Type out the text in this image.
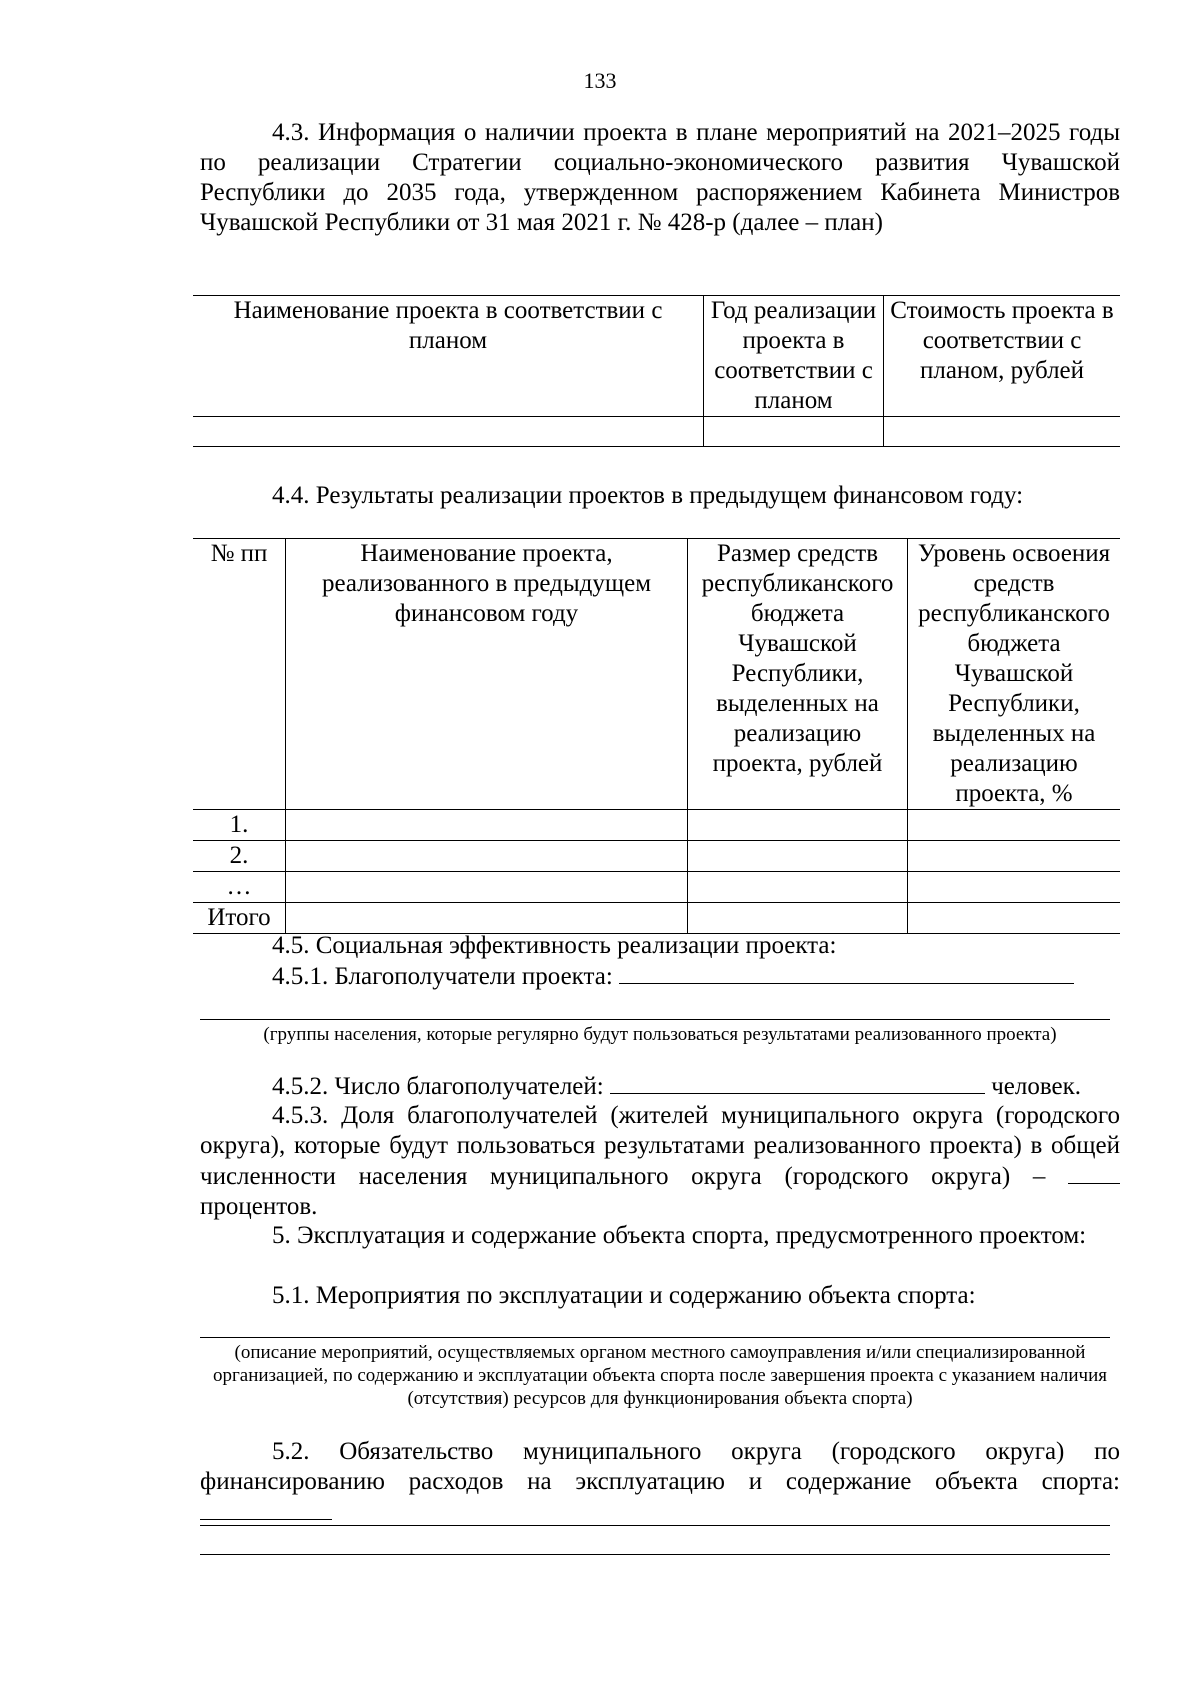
133
4.3. Информация о наличии проекта в плане мероприятий на 2021–2025 годы по реализации Стратегии социально-экономического развития Чувашской Республики до 2035 года, утвержденном распоряжением Кабинета Министров Чувашской Республики от 31 мая 2021 г. № 428-р (далее – план)
Наименование проекта в соответствии с планом	Год реализации проекта в соответствии с планом	Стоимость проекта в соответствии с планом, рублей

4.4. Результаты реализации проектов в предыдущем финансовом году:
№ пп	Наименование проекта, реализованного в предыдущем финансовом году	Размер средств республиканского бюджета Чувашской Республики, выделенных на реализацию проекта, рублей	Уровень освоения средств республиканского бюджета Чувашской Республики, выделенных на реализацию проекта, %
1.			
2.			
…			
Итого			
4.5. Социальная эффективность реализации проекта:
4.5.1. Благополучатели проекта:
(группы населения, которые регулярно будут пользоваться результатами реализованного проекта)
4.5.2. Число благополучателей:	человек.
4.5.3. Доля благополучателей (жителей муниципального округа (городского округа), которые будут пользоваться результатами реализованного проекта) в общей численности населения муниципального округа (городского округа) –  процентов.
5. Эксплуатация и содержание объекта спорта, предусмотренного проектом:
5.1. Мероприятия по эксплуатации и содержанию объекта спорта:
(описание мероприятий, осуществляемых органом местного самоуправления и/или специализированной организацией, по содержанию и эксплуатации объекта спорта после завершения проекта с указанием наличия (отсутствия) ресурсов для функционирования объекта спорта)
5.2. Обязательство муниципального округа (городского округа) по финансированию расходов на эксплуатацию и содержание объекта спорта:
